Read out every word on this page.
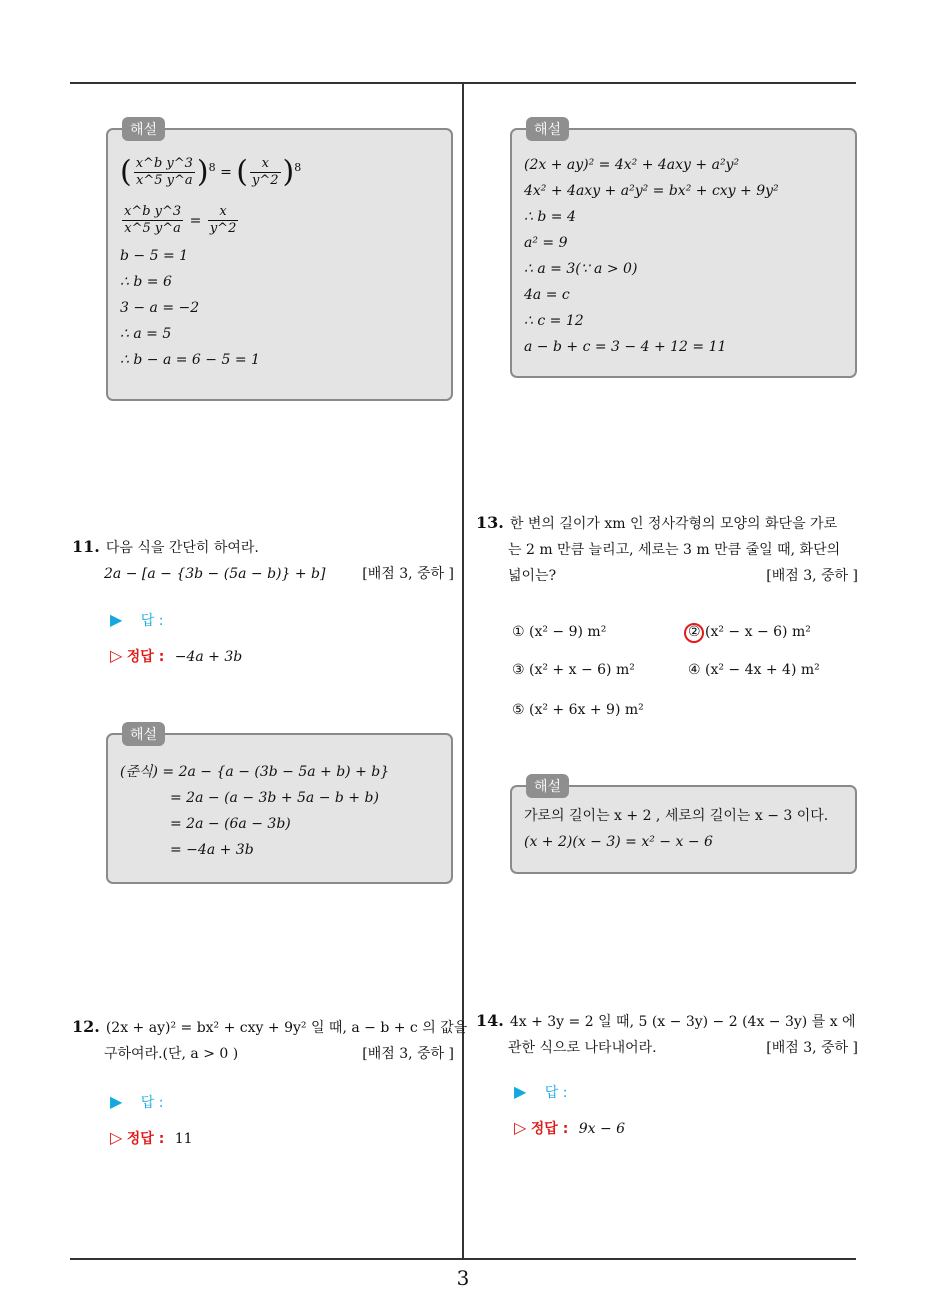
3
해설
( $\frac{\text{x\textasciicircum{}b y\textasciicircum{}3}}{x\^{}5 y\^{}a} )^8$ = ( $\frac{x}{y\^{}2} )^8$
$\frac{\text{x\textasciicircum{}b y\textasciicircum{}3}}{x\^{}5 y\^{}a} = \frac{x}{y\^{}2}$
b − 5 = 1
∴ b = 6
3 − a = −2
∴ a = 5
∴ b − a = 6 − 5 = 1
11. 다음 식을 간단히 하여라.
2a − [a − {3b − (5a − b)} + b]	[배점 3, 중하 ]
▶ 답 :
▷ 정답 : −4a + 3b
해설
(준식) = 2a − {a − (3b − 5a + b) + b}
= 2a − (a − 3b + 5a − b + b)
= 2a − (6a − 3b)
= −4a + 3b
12. (2x + ay)² = bx² + cxy + 9y² 일 때, a − b + c 의 값을
구하여라.(단, a > 0 )	[배점 3, 중하 ]
▶ 답 :
▷ 정답 : 11
해설
(2x + ay)² = 4x² + 4axy + a²y²
4x² + 4axy + a²y² = bx² + cxy + 9y²
∴ b = 4
a² = 9
∴ a = 3(∵ a > 0)
4a = c
∴ c = 12
a − b + c = 3 − 4 + 12 = 11
13. 한 변의 길이가 xm 인 정사각형의 모양의 화단을 가로
는 2 m 만큼 늘리고, 세로는 3 m 만큼 줄일 때, 화단의
넓이는?	[배점 3, 중하 ]
① (x² − 9) m²	② (x² − x − 6) m²
③ (x² + x − 6) m²	④ (x² − 4x + 4) m²
⑤ (x² + 6x + 9) m²
해설
가로의 길이는 x + 2 , 세로의 길이는 x − 3 이다.
(x + 2)(x − 3) = x² − x − 6
14. 4x + 3y = 2 일 때, 5 (x − 3y) − 2 (4x − 3y) 를 x 에
관한 식으로 나타내어라.	[배점 3, 중하 ]
▶ 답 :
▷ 정답 : 9x − 6
